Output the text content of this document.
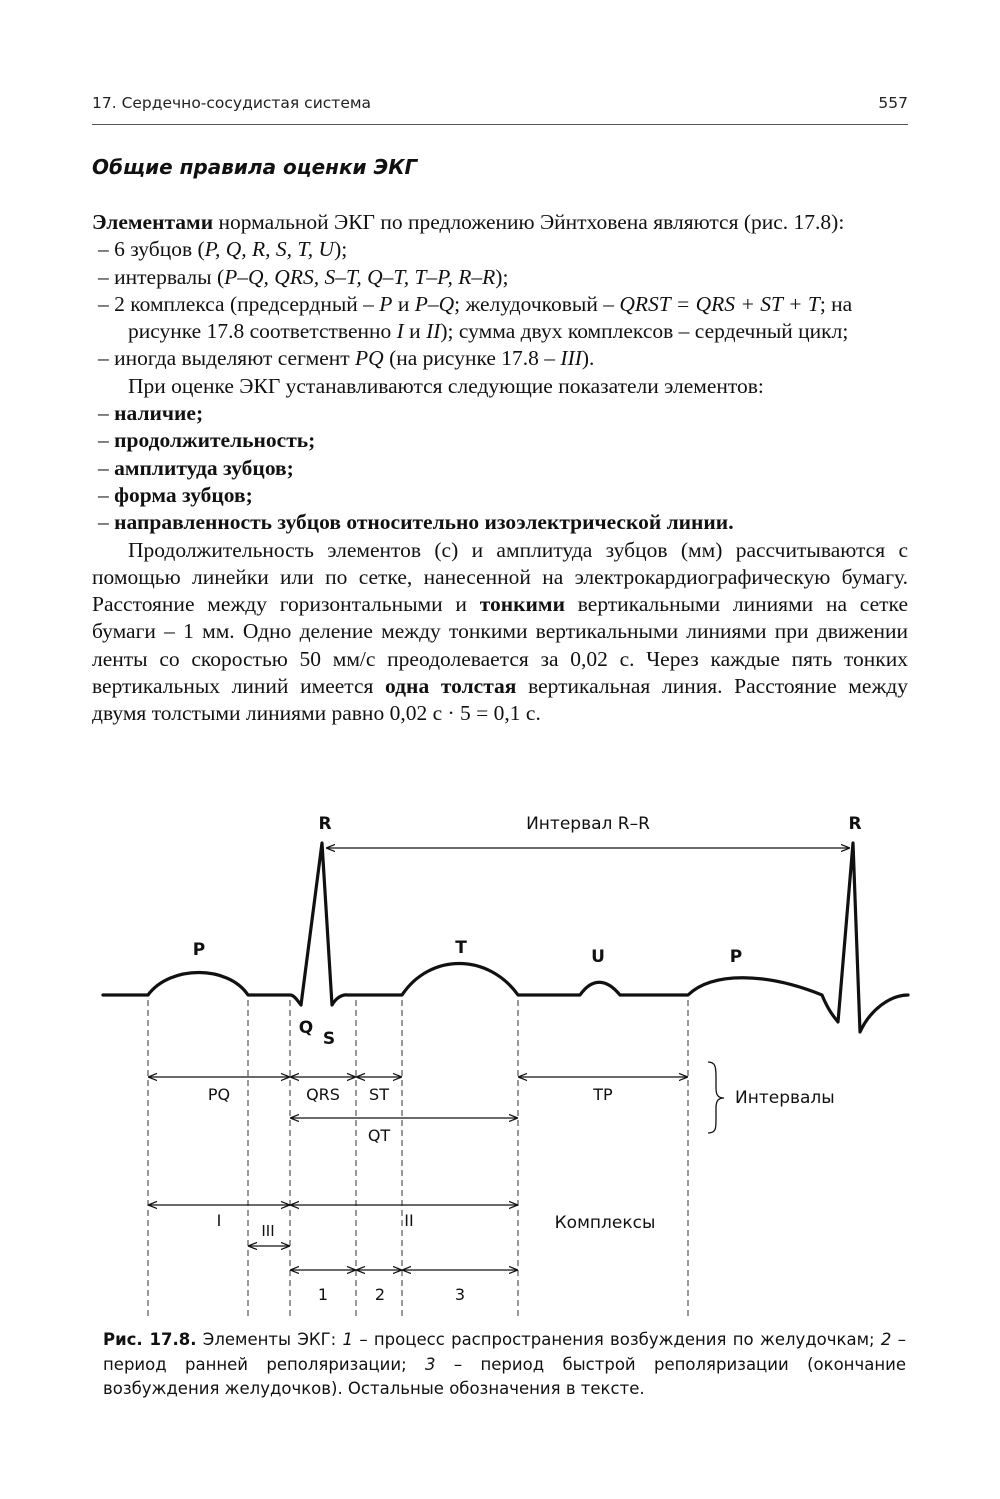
17. Сердечно-сосудистая система	557
Общие правила оценки ЭКГ

Элементами нормальной ЭКГ по предложению Эйнтховена являются (рис. 17.8):

– 6 зубцов (P, Q, R, S, T, U);

– интервалы (P–Q, QRS, S–T, Q–T, T–P, R–R);

– 2 комплекса (предсердный – P и P–Q; желудочковый – QRST = QRS + ST + T; на рисунке 17.8 соответственно I и II); сумма двух комплексов – сердечный цикл;

– иногда выделяют сегмент PQ (на рисунке 17.8 – III).

При оценке ЭКГ устанавливаются следующие показатели элементов:

– наличие;

– продолжительность;

– амплитуда зубцов;

– форма зубцов;

– направленность зубцов относительно изоэлектрической линии.

Продолжительность элементов (с) и амплитуда зубцов (мм) рассчитываются с помощью линейки или по сетке, нанесенной на электрокардиографическую бумагу. Расстояние между горизонтальными и тонкими вертикальными линиями на сетке бумаги – 1 мм. Одно деление между тонкими вертикальными линиями при движении ленты со скоростью 50 мм/с преодолевается за 0,02 с. Через каждые пять тонких вертикальных линий имеется одна толстая вертикальная линия. Расстояние между двумя толстыми линиями равно 0,02 с · 5 = 0,1 с.

R	R
Интервал R–R
P	T	U	P
Q
S
PQ	QRS ST	TP
QT
Интервалы
I	II
III	Комплексы
1	2	3

Рис. 17.8. Элементы ЭКГ: 1 – процесс распространения возбуждения по желудочкам; 2 – период ранней реполяризации; 3 – период быстрой реполяризации (окончание возбуждения желудочков). Остальные обозначения в тексте.
